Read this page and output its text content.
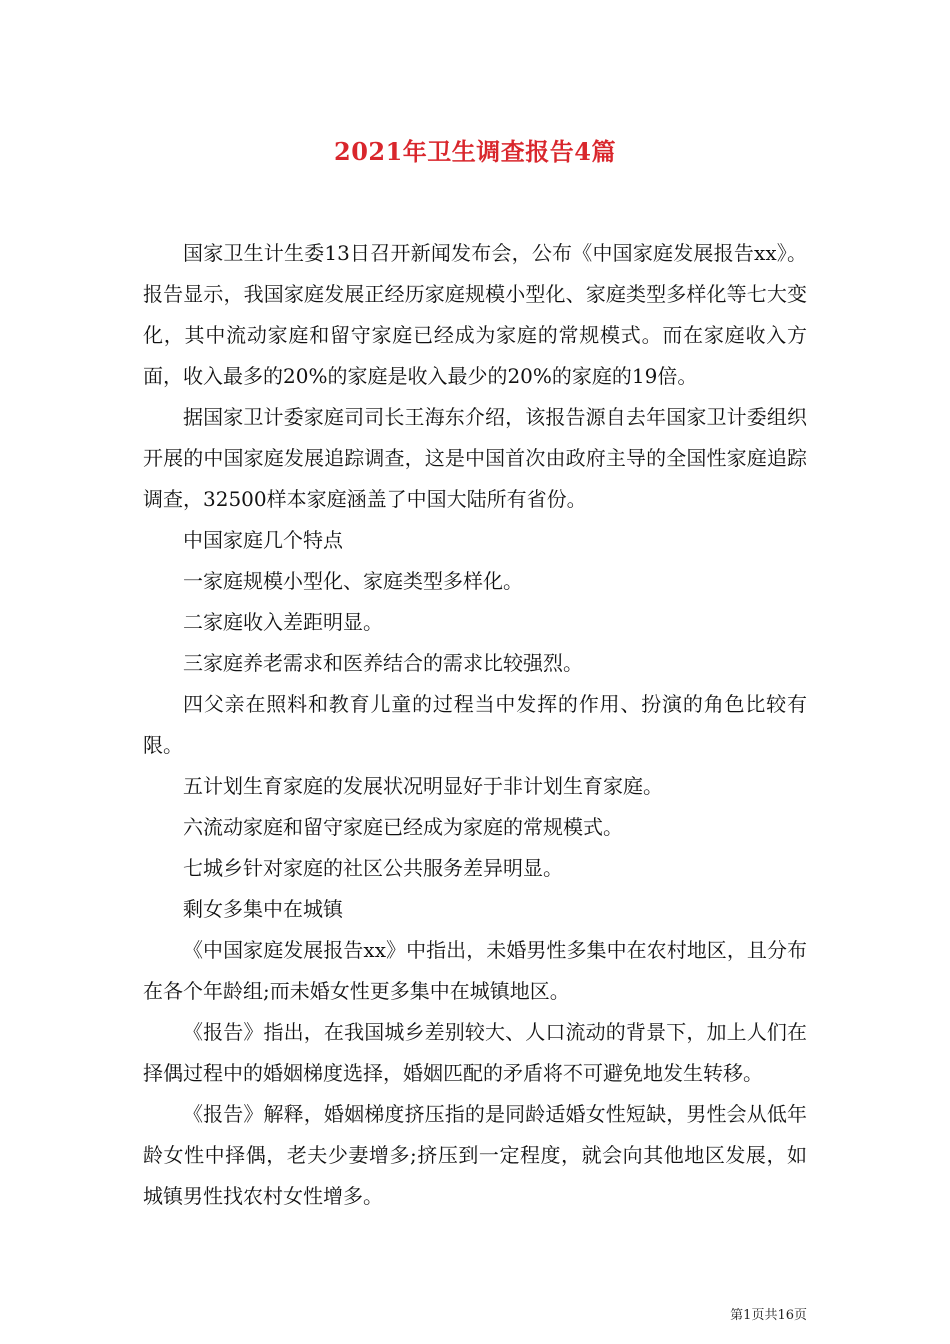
2021年卫生调查报告4篇

国家卫生计生委13日召开新闻发布会，公布《中国家庭发展报告xx》。报告显示，我国家庭发展正经历家庭规模小型化、家庭类型多样化等七大变化，其中流动家庭和留守家庭已经成为家庭的常规模式。而在家庭收入方面，收入最多的20%的家庭是收入最少的20%的家庭的19倍。

据国家卫计委家庭司司长王海东介绍，该报告源自去年国家卫计委组织开展的中国家庭发展追踪调查，这是中国首次由政府主导的全国性家庭追踪调查，32500样本家庭涵盖了中国大陆所有省份。

中国家庭几个特点

一家庭规模小型化、家庭类型多样化。

二家庭收入差距明显。

三家庭养老需求和医养结合的需求比较强烈。

四父亲在照料和教育儿童的过程当中发挥的作用、扮演的角色比较有限。

五计划生育家庭的发展状况明显好于非计划生育家庭。

六流动家庭和留守家庭已经成为家庭的常规模式。

七城乡针对家庭的社区公共服务差异明显。

剩女多集中在城镇

《中国家庭发展报告xx》中指出，未婚男性多集中在农村地区，且分布在各个年龄组;而未婚女性更多集中在城镇地区。

《报告》指出，在我国城乡差别较大、人口流动的背景下，加上人们在择偶过程中的婚姻梯度选择，婚姻匹配的矛盾将不可避免地发生转移。

《报告》解释，婚姻梯度挤压指的是同龄适婚女性短缺，男性会从低年龄女性中择偶，老夫少妻增多;挤压到一定程度，就会向其他地区发展，如城镇男性找农村女性增多。

第1页共16页
